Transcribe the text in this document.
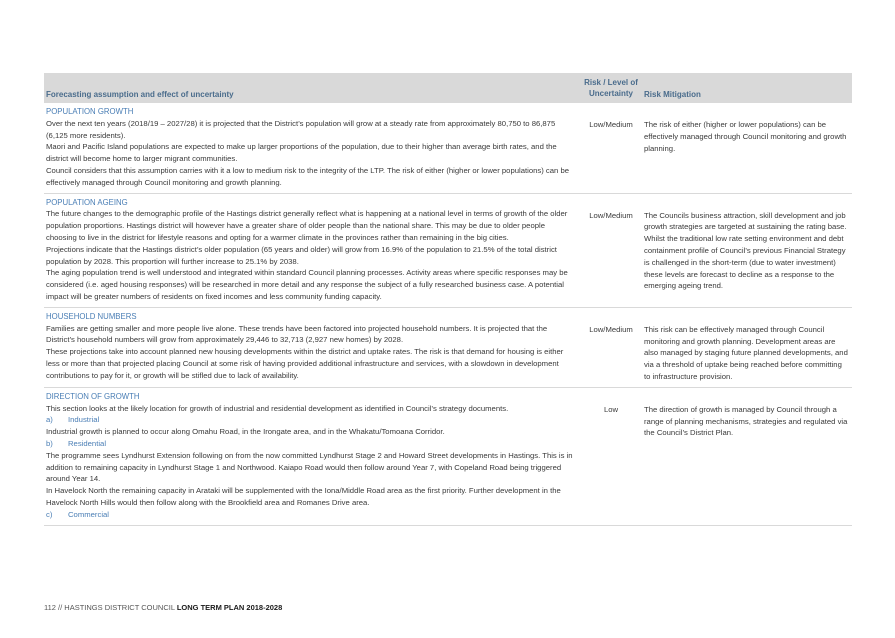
Forecasting assumption and effect of uncertainty
Risk / Level of Uncertainty	Risk Mitigation
POPULATION GROWTH

Over the next ten years (2018/19 – 2027/28) it is projected that the District’s population will grow at a steady rate from approximately 80,750 to 86,875 (6,125 more residents).

Maori and Pacific Island populations are expected to make up larger proportions of the population, due to their higher than average birth rates, and the district will become home to larger migrant communities.

Council considers that this assumption carries with it a low to medium risk to the integrity of the LTP. The risk of either (higher or lower populations) can be effectively managed through Council monitoring and growth planning.

Low/Medium	The risk of either (higher or lower populations) can be effectively managed through Council monitoring and growth planning.
POPULATION AGEING

The future changes to the demographic profile of the Hastings district generally reflect what is happening at a national level in terms of growth of the older population proportions. Hastings district will however have a greater share of older people than the national share. This may be due to older people choosing to live in the district for lifestyle reasons and opting for a warmer climate in the provinces rather than remaining in the big cities.

Projections indicate that the Hastings district’s older population (65 years and older) will grow from 16.9% of the population to 21.5% of the total district population by 2028. This proportion will further increase to 25.1% by 2038.

The aging population trend is well understood and integrated within standard Council planning processes. Activity areas where specific responses may be considered (i.e. aged housing responses) will be researched in more detail and any response the subject of a fully researched business case. A potential impact will be greater numbers of residents on fixed incomes and less community funding capacity.

Low/Medium	The Councils business attraction, skill development and job growth strategies are targeted at sustaining the rating base. Whilst the traditional low rate setting environment and debt containment profile of Council’s previous Financial Strategy is challenged in the short-term (due to water investment) these levels are forecast to decline as a response to the emerging ageing trend.
HOUSEHOLD NUMBERS

Families are getting smaller and more people live alone. These trends have been factored into projected household numbers. It is projected that the District’s household numbers will grow from approximately 29,446 to 32,713 (2,927 new homes) by 2028.

These projections take into account planned new housing developments within the district and uptake rates. The risk is that demand for housing is either less or more than that projected placing Council at some risk of having provided additional infrastructure and services, with a slowdown in development contributions to pay for it, or growth will be stifled due to lack of availability.

Low/Medium	This risk can be effectively managed through Council monitoring and growth planning. Development areas are also managed by staging future planned developments, and via a threshold of uptake being reached before committing to infrastructure provision.
DIRECTION OF GROWTH

This section looks at the likely location for growth of industrial and residential development as identified in Council’s strategy documents.

a)	Industrial

Industrial growth is planned to occur along Omahu Road, in the Irongate area, and in the Whakatu/Tomoana Corridor.

b)	Residential

The programme sees Lyndhurst Extension following on from the now committed Lyndhurst Stage 2 and Howard Street developments in Hastings. This is in addition to remaining capacity in Lyndhurst Stage 1 and Northwood. Kaiapo Road would then follow around Year 7, with Copeland Road being triggered around Year 14.

In Havelock North the remaining capacity in Arataki will be supplemented with the Iona/Middle Road area as the first priority. Further development in the Havelock North Hills would then follow along with the Brookfield area and Romanes Drive area.

c)	Commercial
Low	The direction of growth is managed by Council through a range of planning mechanisms, strategies and regulated via the Council’s District Plan.
112 // HASTINGS DISTRICT COUNCIL LONG TERM PLAN 2018-2028
